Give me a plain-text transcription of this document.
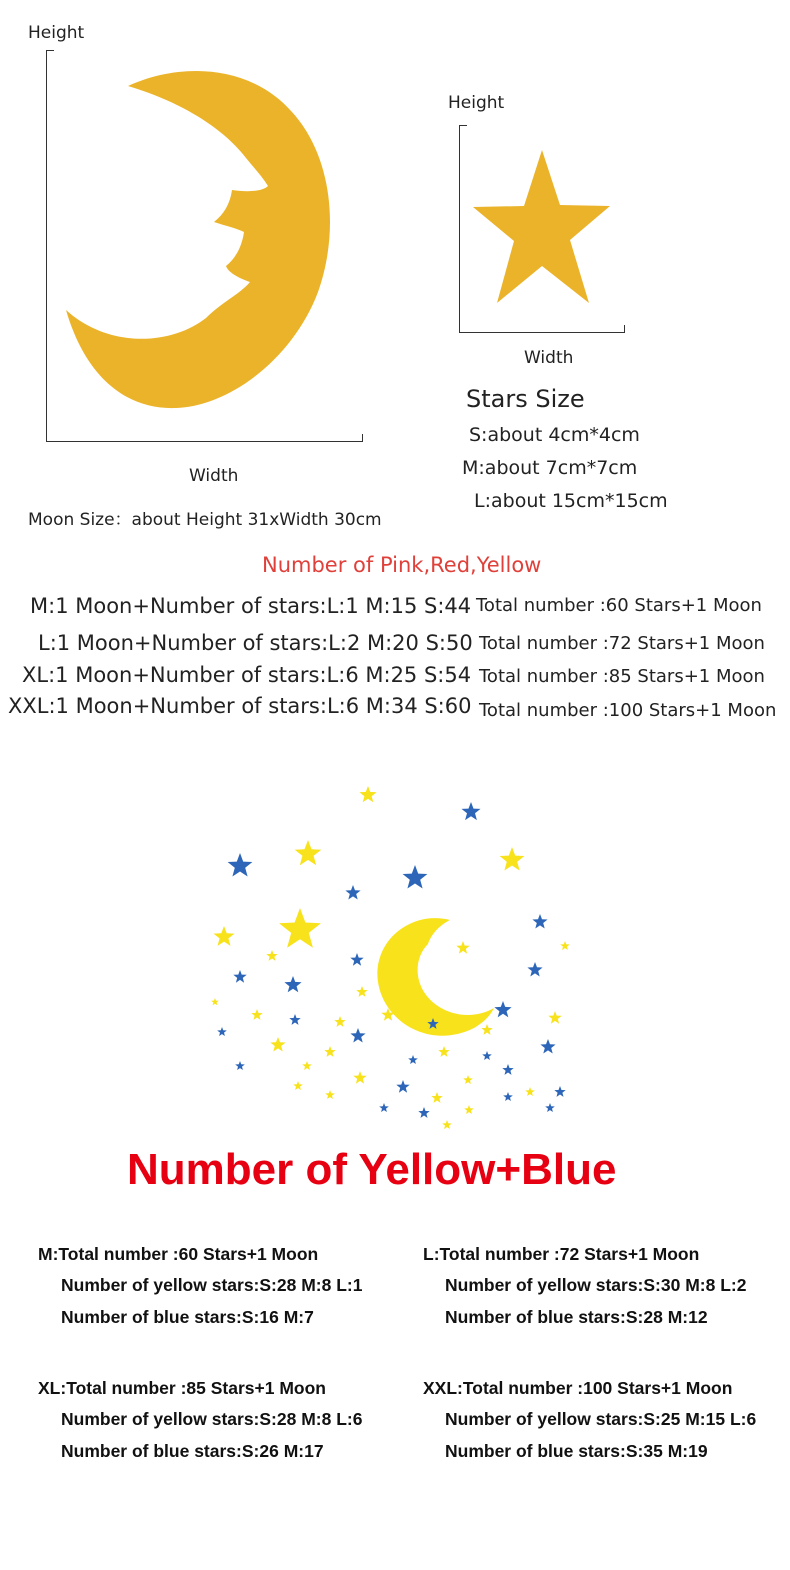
Height
Width
Moon Size：about Height 31xWidth 30cm
Height
Width
Stars Size
S:about 4cm*4cm
M:about 7cm*7cm
L:about 15cm*15cm
Number of Pink,Red,Yellow
M:1 Moon+Number of stars:L:1 M:15 S:44 Total number :60 Stars+1 Moon
L:1 Moon+Number of stars:L:2 M:20 S:50 Total number :72 Stars+1 Moon
XL:1 Moon+Number of stars:L:6 M:25 S:54 Total number :85 Stars+1 Moon
XXL:1 Moon+Number of stars:L:6 M:34 S:60 Total number :100 Stars+1 Moon
Number of Yellow+Blue
M:Total number :60 Stars+1 Moon
Number of yellow stars:S:28 M:8 L:1
Number of blue stars:S:16 M:7
L:Total number :72 Stars+1 Moon
Number of yellow stars:S:30 M:8 L:2
Number of blue stars:S:28 M:12
XL:Total number :85 Stars+1 Moon
Number of yellow stars:S:28 M:8 L:6
Number of blue stars:S:26 M:17
XXL:Total number :100 Stars+1 Moon
Number of yellow stars:S:25 M:15 L:6
Number of blue stars:S:35 M:19
